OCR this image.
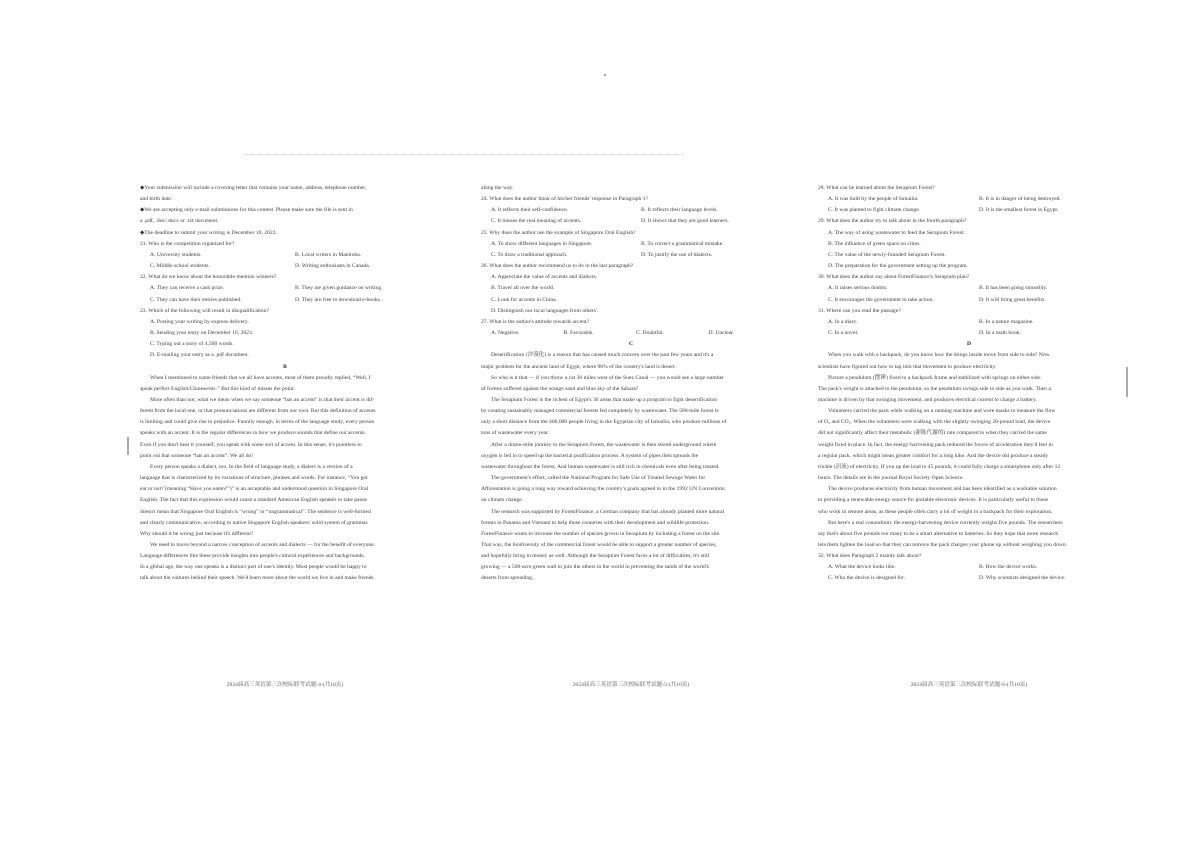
◆Your submission will include a covering letter that contains your name, address, telephone number,

and birth date.

◆We are accepting only e-mail submissions for this contest. Please make sure the file is sent in

a .pdf, .doc/.docx or .txt document.

◆The deadline to submit your writing is December 10, 2023.

21. Who is the competition organized for?

A. University students.	B. Local writers in Manitoba.
C. Middle school students.	D. Writing enthusiasts in Canada.

22. What do we know about the honorable mention winners?

A. They can receive a cash prize.	B. They are given guidance on writing.
C. They can have their entries published.	D. They are free to download e-books.

23. Which of the following will result in disqualification?

A. Posting your writing by express delivery.

B. Sending your entry on December 16, 2023.

C. Typing out a story of 4,500 words.

D. E-mailing your entry as a .pdf document.

B

When I mentioned to some friends that we all have accents, most of them proudly replied, “Well, I

speak perfect English/Chinese/etc.” But this kind of misses the point.

More often than not, what we mean when we say someone “has an accent” is that their accent is dif-

ferent from the local one, or that pronunciations are different from our own. But this definition of accents

is limiting and could give rise to prejudice. Funnily enough, in terms of the language study, every person

speaks with an accent. It is the regular differences in how we produce sounds that define our accents.

Even if you don't hear it yourself, you speak with some sort of accent. In this sense, it's pointless to

point out that someone “has an accent”. We all do!

Every person speaks a dialect, too. In the field of language study, a dialect is a version of a

language that is characterized by its variations of structure, phrases and words. For instance, “You got

eat or not? (meaning “Have you eaten?”)” is an acceptable and understood question in Singapore Oral

English. The fact that this expression would cause a standard American English speaker to take pause

doesn't mean that Singapore Oral English is “wrong” or “ungrammatical”. The sentence is well-formed

and clearly communicative, according to native Singapore English speakers' solid system of grammar.

Why should it be wrong just because it's different?

We need to move beyond a narrow conception of accents and dialects — for the benefit of everyone.

Language differences like these provide insights into people's cultural experiences and backgrounds.

In a global age, the way one speaks is a distinct part of one's identity. Most people would be happy to

talk about the cultures behind their speech. We'd learn more about the world we live in and make friends

along the way.

24. What does the author think of his/her friends' response in Paragraph 1?

A. It reflects their self-confidence.	B. It reflects their language levels.
C. It misses the real meaning of accents.	D. It shows that they are good learners.

25. Why does the author use the example of Singapore Oral English?

A. To show different languages in Singapore.	B. To correct a grammatical mistake.
C. To draw a traditional approach.	D. To justify the use of dialects.

26. What does the author recommend us to do in the last paragraph?

A. Appreciate the value of accents and dialects.

B. Travel all over the world.

C. Look for accents in China.

D. Distinguish our local languages from others'.

27. What is the author's attitude towards accent?

A. Negative.	B. Favorable.	C. Doubtful.	D. Unclear.

C

Desertification (沙漠化) is a reason that has caused much concern over the past few years and it's a

major problem for the ancient land of Egypt, where 96% of the country's land is desert.

So who is it that — if you throw a cat 30 miles west of the Suez Canal — you would see a large number

of forests suffered against the orange sand and blue sky of the Sahara?

The Serapium Forest is the richest of Egypt's 36 areas that make up a program to fight desertification

by creating sustainably managed commercial forests fed completely by wastewater. The 500-mile forest is

only a short distance from the 400,000 people living in the Egyptian city of Ismailia, who produce millions of

tons of wastewater every year.

After a dozen-mile journey to the Serapium Forest, the wastewater is then stored underground where

oxygen is fed in to speed up the bacterial purification process. A system of pipes then spreads the

wastewater throughout the forest. And human wastewater is still rich in chemicals even after being treated.

The government's effort, called the National Program for Safe Use of Treated Sewage Water for

Afforestation is going a long way toward achieving the country's goals agreed to in the 1992 UN Convention

on climate change.

The research was supported by ForestFinance, a German company that has already planted more natural

forests in Panama and Vietnam to help those countries with their development and wildlife protection.

ForestFinance wants to increase the number of species grown in Serapium by including a forest on the site.

That way, the biodiversity of the commercial forest would be able to support a greater number of species,

and hopefully bring in money as well. Although the Serapium Forest faces a lot of difficulties, it's still

growing — a 500-acre green wall to join the others in the world in preventing the sands of the world's

deserts from spreading.

28. What can be learned about the Serapium Forest?

A. It was built by the people of Ismailia.	B. It is in danger of being destroyed.
C. It was planted to fight climate change.	D. It is the smallest forest in Egypt.

29. What does the author try to talk about in the fourth paragraph?

A. The way of using wastewater to feed the Serapium Forest.

B. The influence of green space on cities.

C. The value of the newly-founded Serapium Forest.

D. The preparation for the government setting up the program.

30. What does the author say about ForestFinance's Serapium plan?

A. It raises serious doubts.	B. It has been going smoothly.
C. It encourages the government to take action.	D. It will bring great benefits.

31. Where can you read the passage?

A. In a diary.	B. In a nature magazine.
C. In a novel.	D. In a math book.

D

When you walk with a backpack, do you know how the things inside move from side to side? Now

scientists have figured out how to tap into that movement to produce electricity.

Picture a pendulum (摆锤) fixed to a backpack frame and stabilized with springs on either side.

The pack's weight is attached to the pendulum, so the pendulum swings side to side as you walk. Then a

machine is driven by that swinging movement, and produces electrical current to charge a battery.

Volunteers carried the pack while walking on a running machine and wore masks to measure the flow

of O₂ and CO₂. When the volunteers were walking with the slightly swinging 20-pound load, the device

did not significantly affect their metabolic (新陈代谢的) rate compared to when they carried the same

weight fixed in place. In fact, the energy-harvesting pack reduced the forces of acceleration they'd feel in

a regular pack, which might mean greater comfort for a long hike. And the device did produce a steady

trickle (涓流) of electricity. If you up the load to 45 pounds, it could fully charge a smartphone only after 12

hours. The details are in the journal Royal Society Open Science.

The device produces electricity from human movement and has been identified as a workable solution

to providing a renewable energy source for portable electronic devices. It is particularly useful to those

who work in remote areas, as these people often carry a lot of weight in a backpack for their exploration.

But here's a real conundrum: the energy-harvesting device currently weighs five pounds. The researchers

say that's about five pounds too many to be a smart alternative to batteries. So they hope that more research

lets them lighten the load so that they can remove the pack charges your phone up without weighing you down.

32. What does Paragraph 2 mainly talk about?

A. What the device looks like.	B. How the device works.
C. Who the device is designed for.	D. Why scientists designed the device.
2024届高三英语第三次校际联考试题-4-(共10页)	2024届高三英语第三次校际联考试题-5-(共10页)	2024届高三英语第三次校际联考试题-6-(共10页)
